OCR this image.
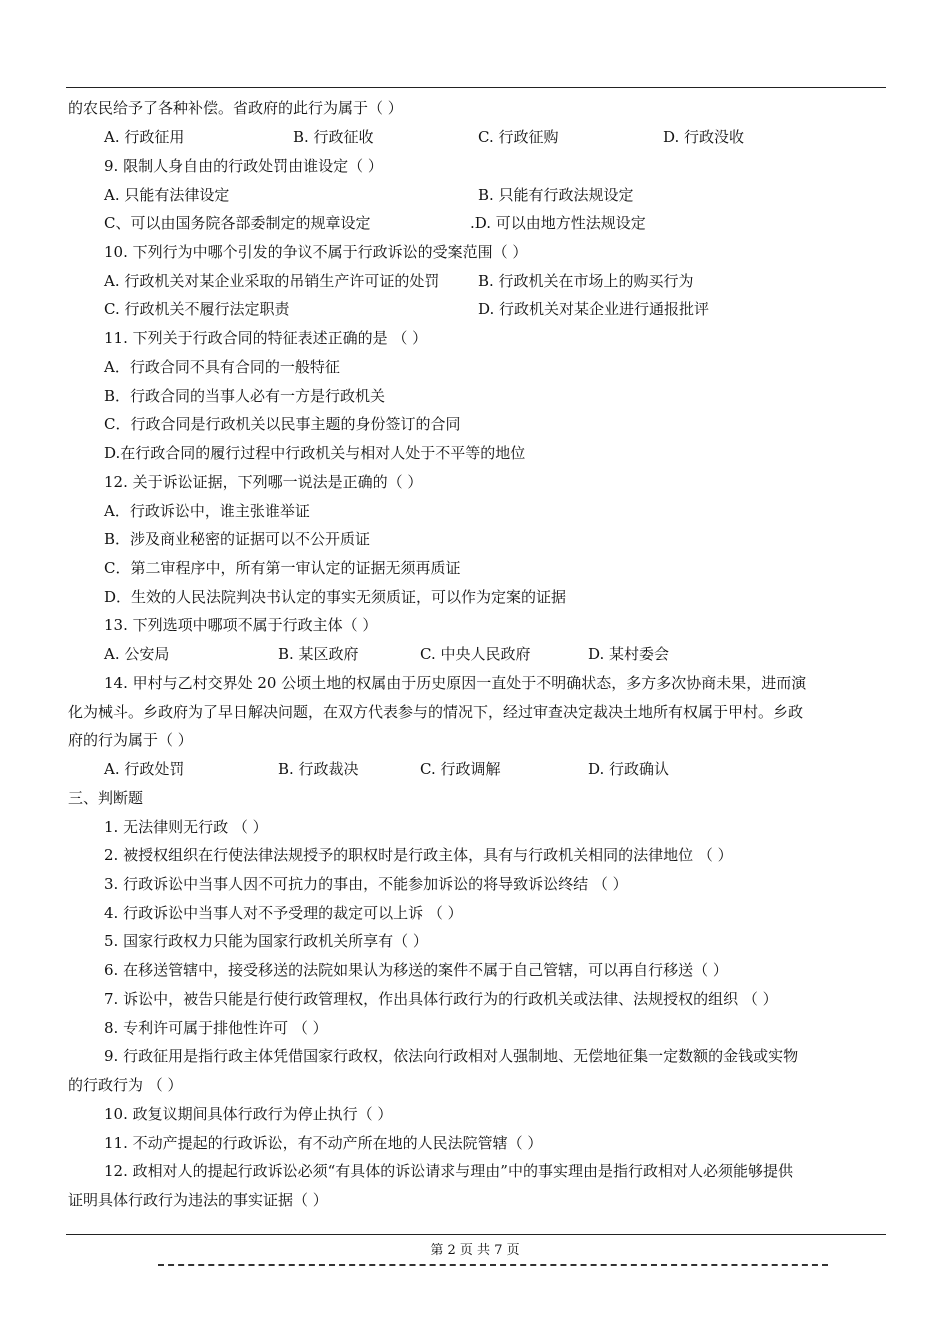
的农民给予了各种补偿。省政府的此行为属于（ ）
A. 行政征用	B. 行政征收	C. 行政征购	D. 行政没收
9. 限制人身自由的行政处罚由谁设定（ ）
A. 只能有法律设定	B. 只能有行政法规设定
C、可以由国务院各部委制定的规章设定	.D. 可以由地方性法规设定
10. 下列行为中哪个引发的争议不属于行政诉讼的受案范围（ ）
A. 行政机关对某企业采取的吊销生产许可证的处罚	B. 行政机关在市场上的购买行为
C. 行政机关不履行法定职责	D. 行政机关对某企业进行通报批评
11. 下列关于行政合同的特征表述正确的是 （ ）
A．行政合同不具有合同的一般特征
B．行政合同的当事人必有一方是行政机关
C．行政合同是行政机关以民事主题的身份签订的合同
D.在行政合同的履行过程中行政机关与相对人处于不平等的地位
12. 关于诉讼证据，下列哪一说法是正确的（ ）
A．行政诉讼中，谁主张谁举证
B．涉及商业秘密的证据可以不公开质证
C．第二审程序中，所有第一审认定的证据无须再质证
D．生效的人民法院判决书认定的事实无须质证，可以作为定案的证据
13. 下列选项中哪项不属于行政主体（ ）
A. 公安局	B. 某区政府	C. 中央人民政府	D. 某村委会
14. 甲村与乙村交界处 20 公顷土地的权属由于历史原因一直处于不明确状态，多方多次协商未果，进而演
化为械斗。乡政府为了早日解决问题，在双方代表参与的情况下，经过审查决定裁决土地所有权属于甲村。乡政
府的行为属于（ ）
A. 行政处罚	B. 行政裁决	C. 行政调解	D. 行政确认
三、判断题
1. 无法律则无行政 （ ）
2. 被授权组织在行使法律法规授予的职权时是行政主体，具有与行政机关相同的法律地位 （ ）
3. 行政诉讼中当事人因不可抗力的事由，不能参加诉讼的将导致诉讼终结 （ ）
4. 行政诉讼中当事人对不予受理的裁定可以上诉 （ ）
5. 国家行政权力只能为国家行政机关所享有（ ）
6. 在移送管辖中，接受移送的法院如果认为移送的案件不属于自己管辖，可以再自行移送（ ）
7. 诉讼中，被告只能是行使行政管理权，作出具体行政行为的行政机关或法律、法规授权的组织 （ ）
8. 专利许可属于排他性许可 （ ）
9. 行政征用是指行政主体凭借国家行政权，依法向行政相对人强制地、无偿地征集一定数额的金钱或实物
的行政行为 （ ）
10. 政复议期间具体行政行为停止执行（ ）
11. 不动产提起的行政诉讼，有不动产所在地的人民法院管辖（ ）
12. 政相对人的提起行政诉讼必须“有具体的诉讼请求与理由”中的事实理由是指行政相对人必须能够提供
证明具体行政行为违法的事实证据（ ）
第 2 页 共 7 页
